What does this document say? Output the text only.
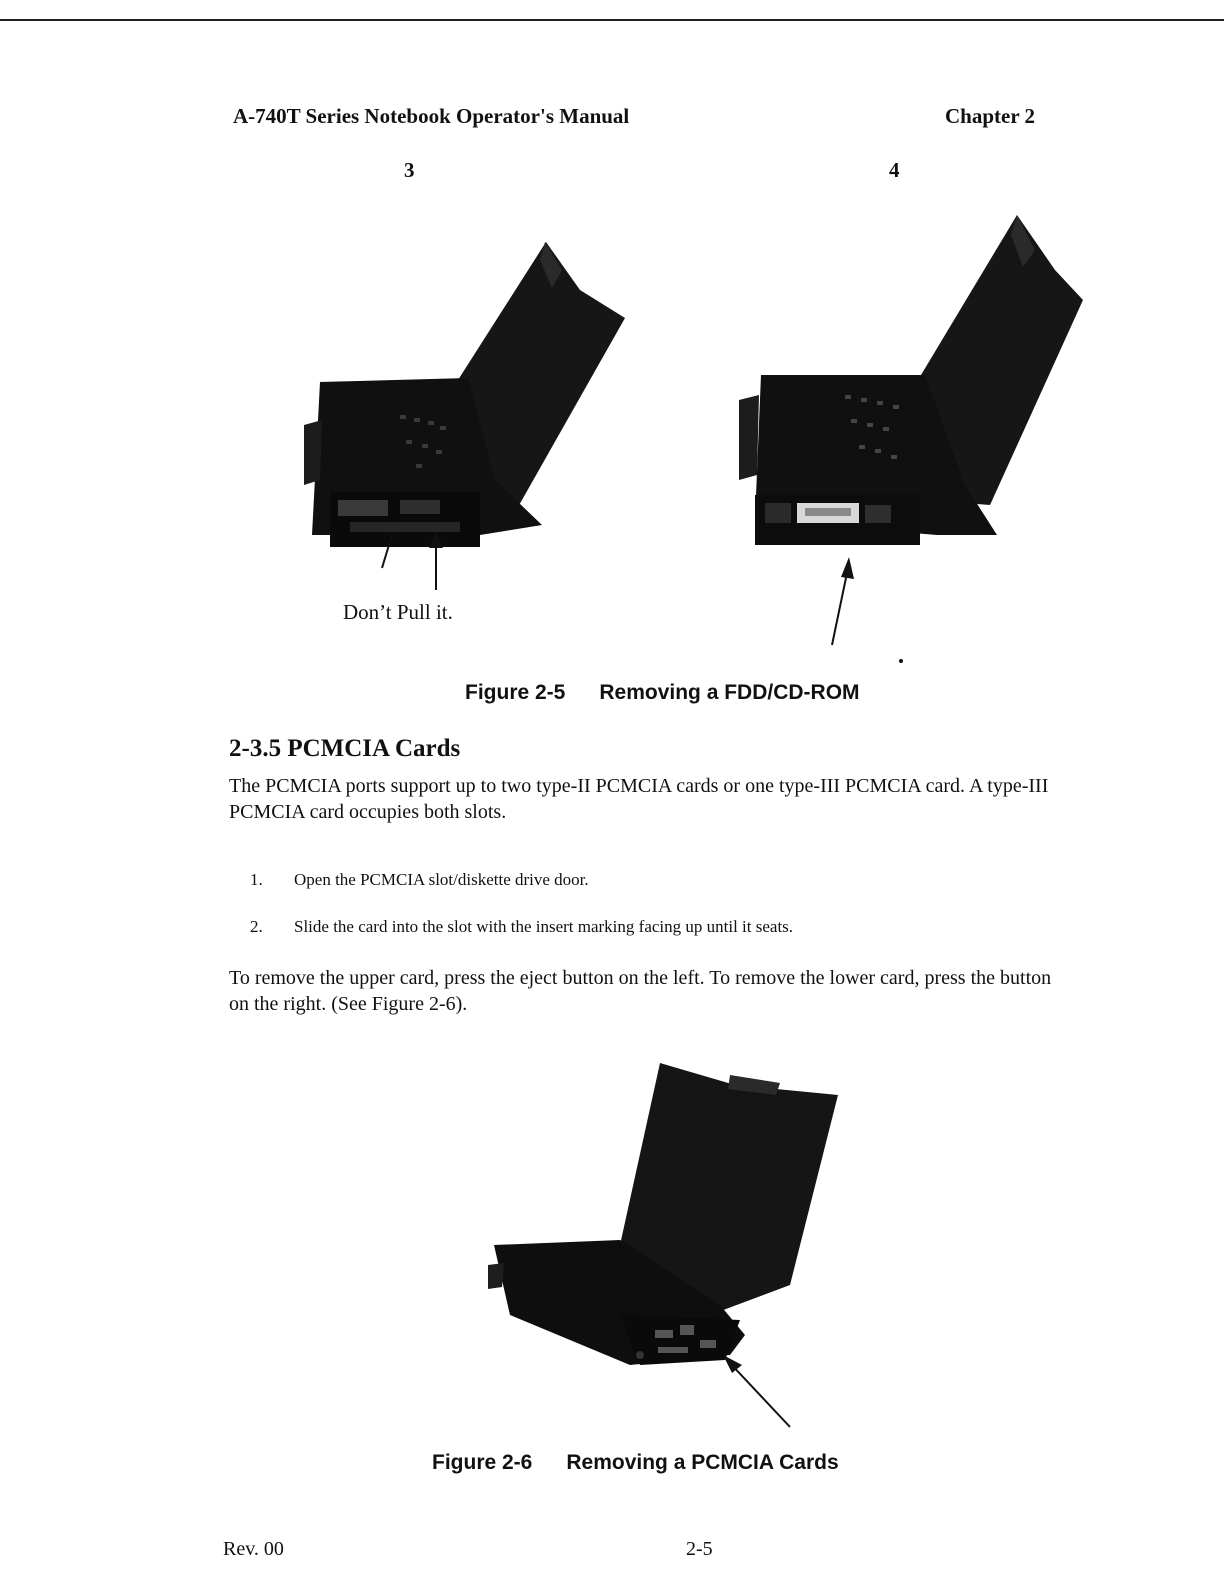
A-740T Series Notebook Operator's Manual	Chapter 2
3	4
Don’t Pull it.
Figure 2-5 Removing a FDD/CD-ROM
2-3.5 PCMCIA Cards
The PCMCIA ports support up to two type-II PCMCIA cards or one type-III PCMCIA card. A type-III PCMCIA card occupies both slots.
1. Open the PCMCIA slot/diskette drive door.
2. Slide the card into the slot with the insert marking facing up until it seats.
To remove the upper card, press the eject button on the left. To remove the lower card, press the button on the right. (See Figure 2-6).
Figure 2-6 Removing a PCMCIA Cards
Rev. 00	2-5
